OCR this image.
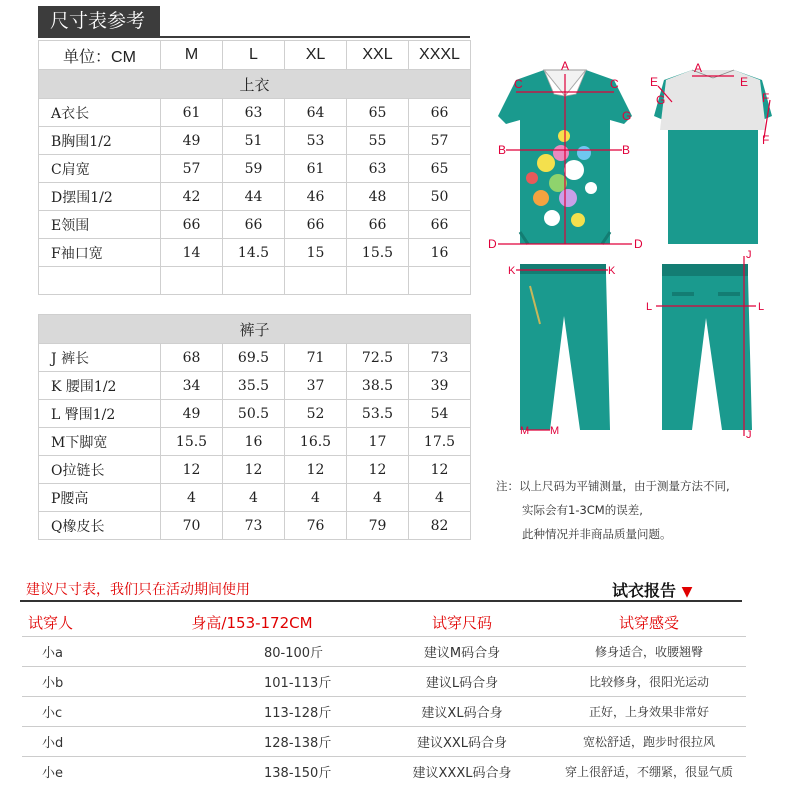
尺寸表参考
单位：CM	M	L	XL	XXL	XXXL
上衣					
A衣长	61	63	64	65	66
B胸围1/2	49	51	53	55	57
C肩宽	57	59	61	63	65
D摆围1/2	42	44	46	48	50
E领围	66	66	66	66	66
F袖口宽	14	14.5	15	15.5	16

裤子					
J 裤长	68	69.5	71	72.5	73
K 腰围1/2	34	35.5	37	38.5	39
L 臀围1/2	49	50.5	52	53.5	54
M下脚宽	15.5	16	16.5	17	17.5
O拉链长	12	12	12	12	12
P腰高	4	4	4	4	4
Q橡皮长	70	73	76	79	82
A
C	C
B	B
D	D
A
E	E
G	F
F
G
K	K
M M
J
J
L	L
注：以上尺码为平铺测量，由于测量方法不同,
实际会有1-3CM的误差,
此种情况并非商品质量问题。
建议尺寸表，我们只在活动期间使用	试衣报告 ▼
试穿人	身高/153-172CM	试穿尺码	试穿感受
小a	80-100斤	建议M码合身	修身适合，收腰翘臀
小b	101-113斤	建议L码合身	比较修身，很阳光运动
小c	113-128斤	建议XL码合身	正好，上身效果非常好
小d	128-138斤	建议XXL码合身	宽松舒适，跑步时很拉风
小e	138-150斤	建议XXXL码合身	穿上很舒适，不绷紧，很显气质
